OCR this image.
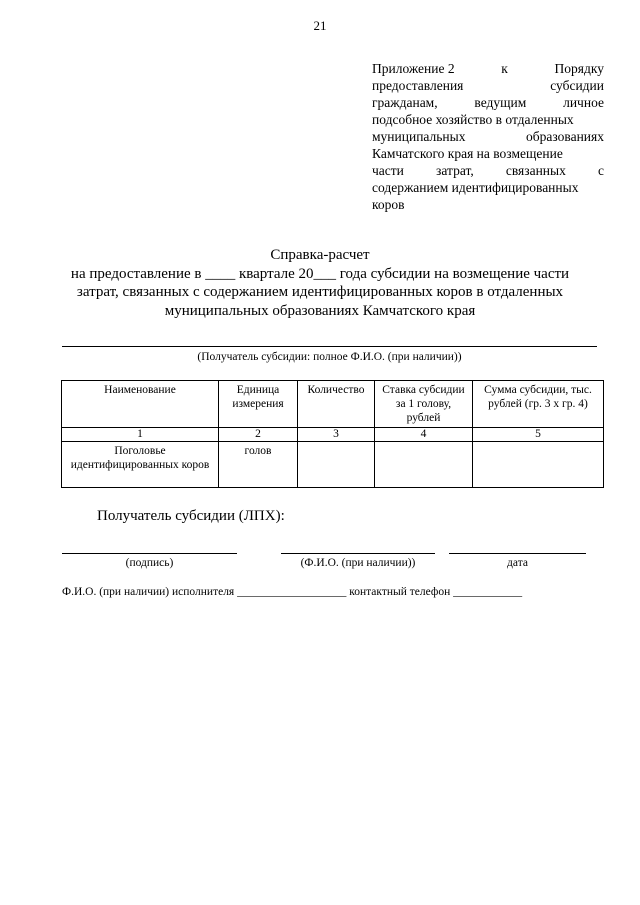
21
Приложение 2	к	Порядку
предоставления	субсидии
гражданам,	ведущим	личное
подсобное хозяйство в отдаленных
муниципальных	образованиях
Камчатского края на возмещение
части затрат, связанных с
содержанием идентифицированных
коров
Справка-расчет
на предоставление в ____ квартале 20___ года субсидии на возмещение части
затрат, связанных с содержанием идентифицированных коров в отдаленных
муниципальных образованиях Камчатского края
(Получатель субсидии: полное Ф.И.О. (при наличии))
Наименование	Единица измерения	Количество	Ставка субсидии за 1 голову, рублей	Сумма субсидии, тыс. рублей (гр. 3 х гр. 4)
1	2	3	4	5
Поголовье идентифицированных коров	голов			
Получатель субсидии (ЛПХ):
(подпись)	(Ф.И.О. (при наличии))	дата
Ф.И.О. (при наличии) исполнителя ___________________ контактный телефон ____________
